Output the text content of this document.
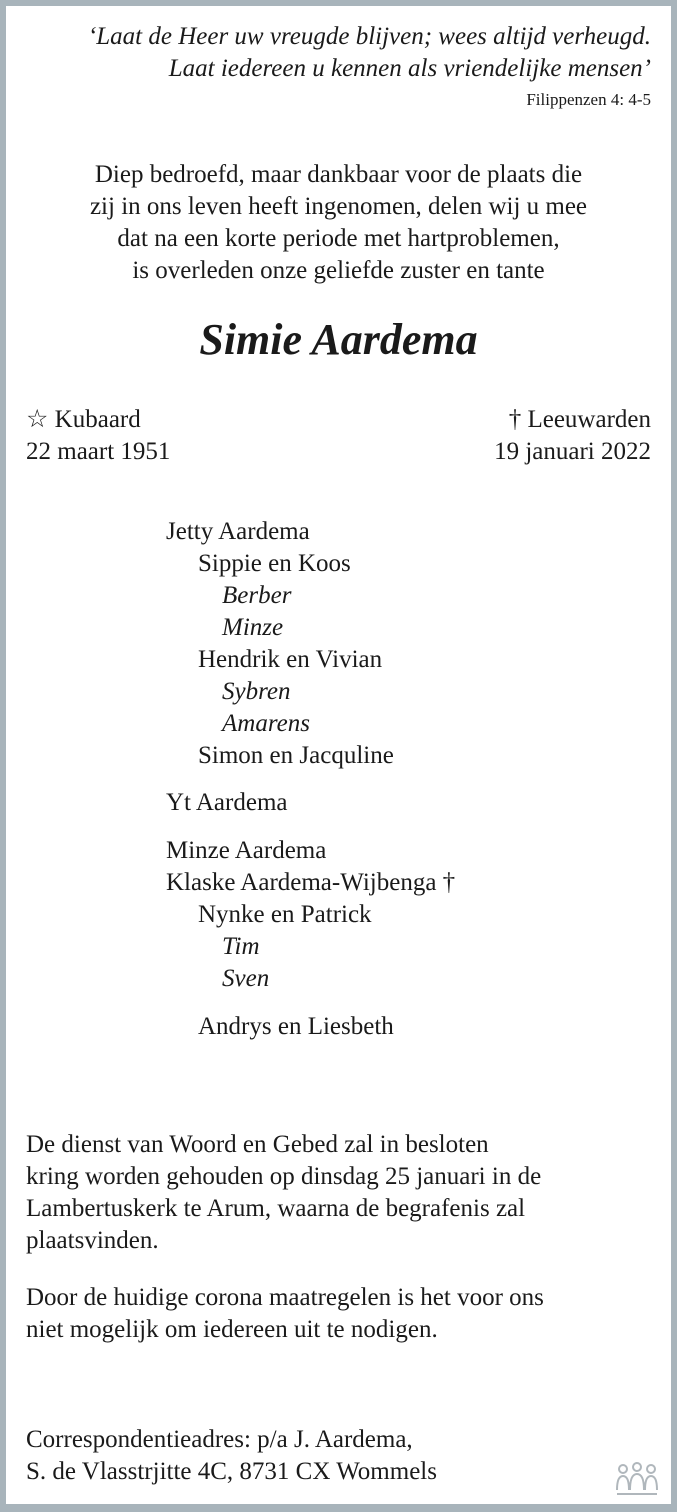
‘Laat de Heer uw vreugde blijven; wees altijd verheugd.
Laat iedereen u kennen als vriendelijke mensen’
Filippenzen 4: 4-5
Diep bedroefd, maar dankbaar voor de plaats die
zij in ons leven heeft ingenomen, delen wij u mee
dat na een korte periode met hartproblemen,
is overleden onze geliefde zuster en tante
Simie Aardema
☆ Kubaard
22 maart 1951
† Leeuwarden
19 januari 2022
Jetty Aardema
Sippie en Koos
Berber
Minze
Hendrik en Vivian
Sybren
Amarens
Simon en Jacquline
Yt Aardema
Minze Aardema
Klaske Aardema-Wijbenga †
Nynke en Patrick
Tim
Sven
Andrys en Liesbeth
De dienst van Woord en Gebed zal in besloten
kring worden gehouden op dinsdag 25 januari in de
Lambertuskerk te Arum, waarna de begrafenis zal
plaatsvinden.
Door de huidige corona maatregelen is het voor ons
niet mogelijk om iedereen uit te nodigen.
Correspondentieadres: p/a J. Aardema,
S. de Vlasstrjitte 4C, 8731 CX Wommels
